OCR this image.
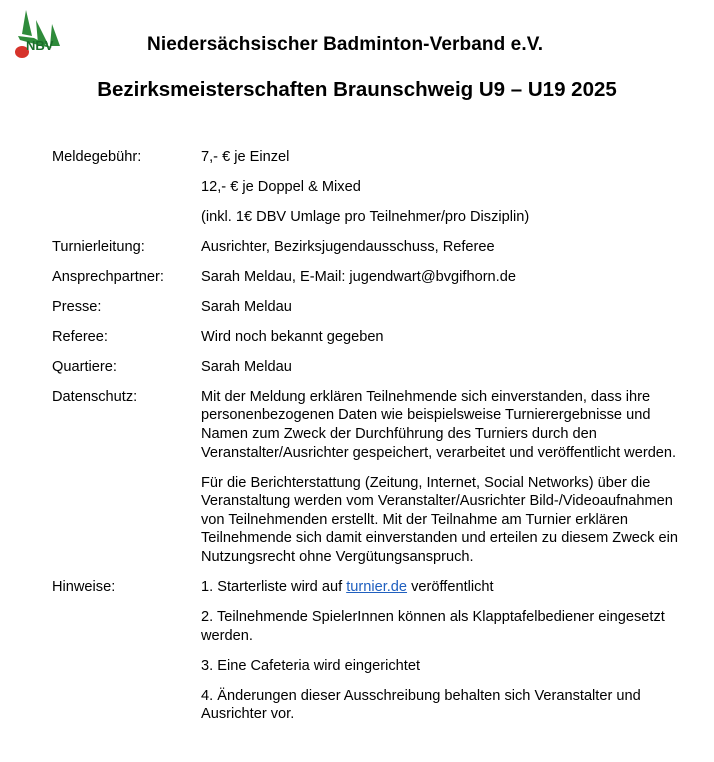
NBV	Niedersächsischer Badminton-Verband e.V.
Bezirksmeisterschaften Braunschweig U9 – U19 2025
Meldegebühr:	7,- € je Einzel
12,- € je Doppel & Mixed
(inkl. 1€ DBV Umlage pro Teilnehmer/pro Disziplin)
Turnierleitung:	Ausrichter, Bezirksjugendausschuss, Referee
Ansprechpartner:	Sarah Meldau, E-Mail: jugendwart@bvgifhorn.de
Presse:	Sarah Meldau
Referee:	Wird noch bekannt gegeben
Quartiere:	Sarah Meldau
Datenschutz:	Mit der Meldung erklären Teilnehmende sich einverstanden, dass ihre personenbezogenen Daten wie beispielsweise Turnierergebnisse und Namen zum Zweck der Durchführung des Turniers durch den Veranstalter/Ausrichter gespeichert, verarbeitet und veröffentlicht werden.
Für die Berichterstattung (Zeitung, Internet, Social Networks) über die Veranstaltung werden vom Veranstalter/Ausrichter Bild-/Videoaufnahmen von Teilnehmenden erstellt. Mit der Teilnahme am Turnier erklären Teilnehmende sich damit einverstanden und erteilen zu diesem Zweck ein Nutzungsrecht ohne Vergütungsanspruch.
Hinweise:	1. Starterliste wird auf turnier.de veröffentlicht
2. Teilnehmende SpielerInnen können als Klapptafelbediener eingesetzt werden.
3. Eine Cafeteria wird eingerichtet
4. Änderungen dieser Ausschreibung behalten sich Veranstalter und Ausrichter vor.
